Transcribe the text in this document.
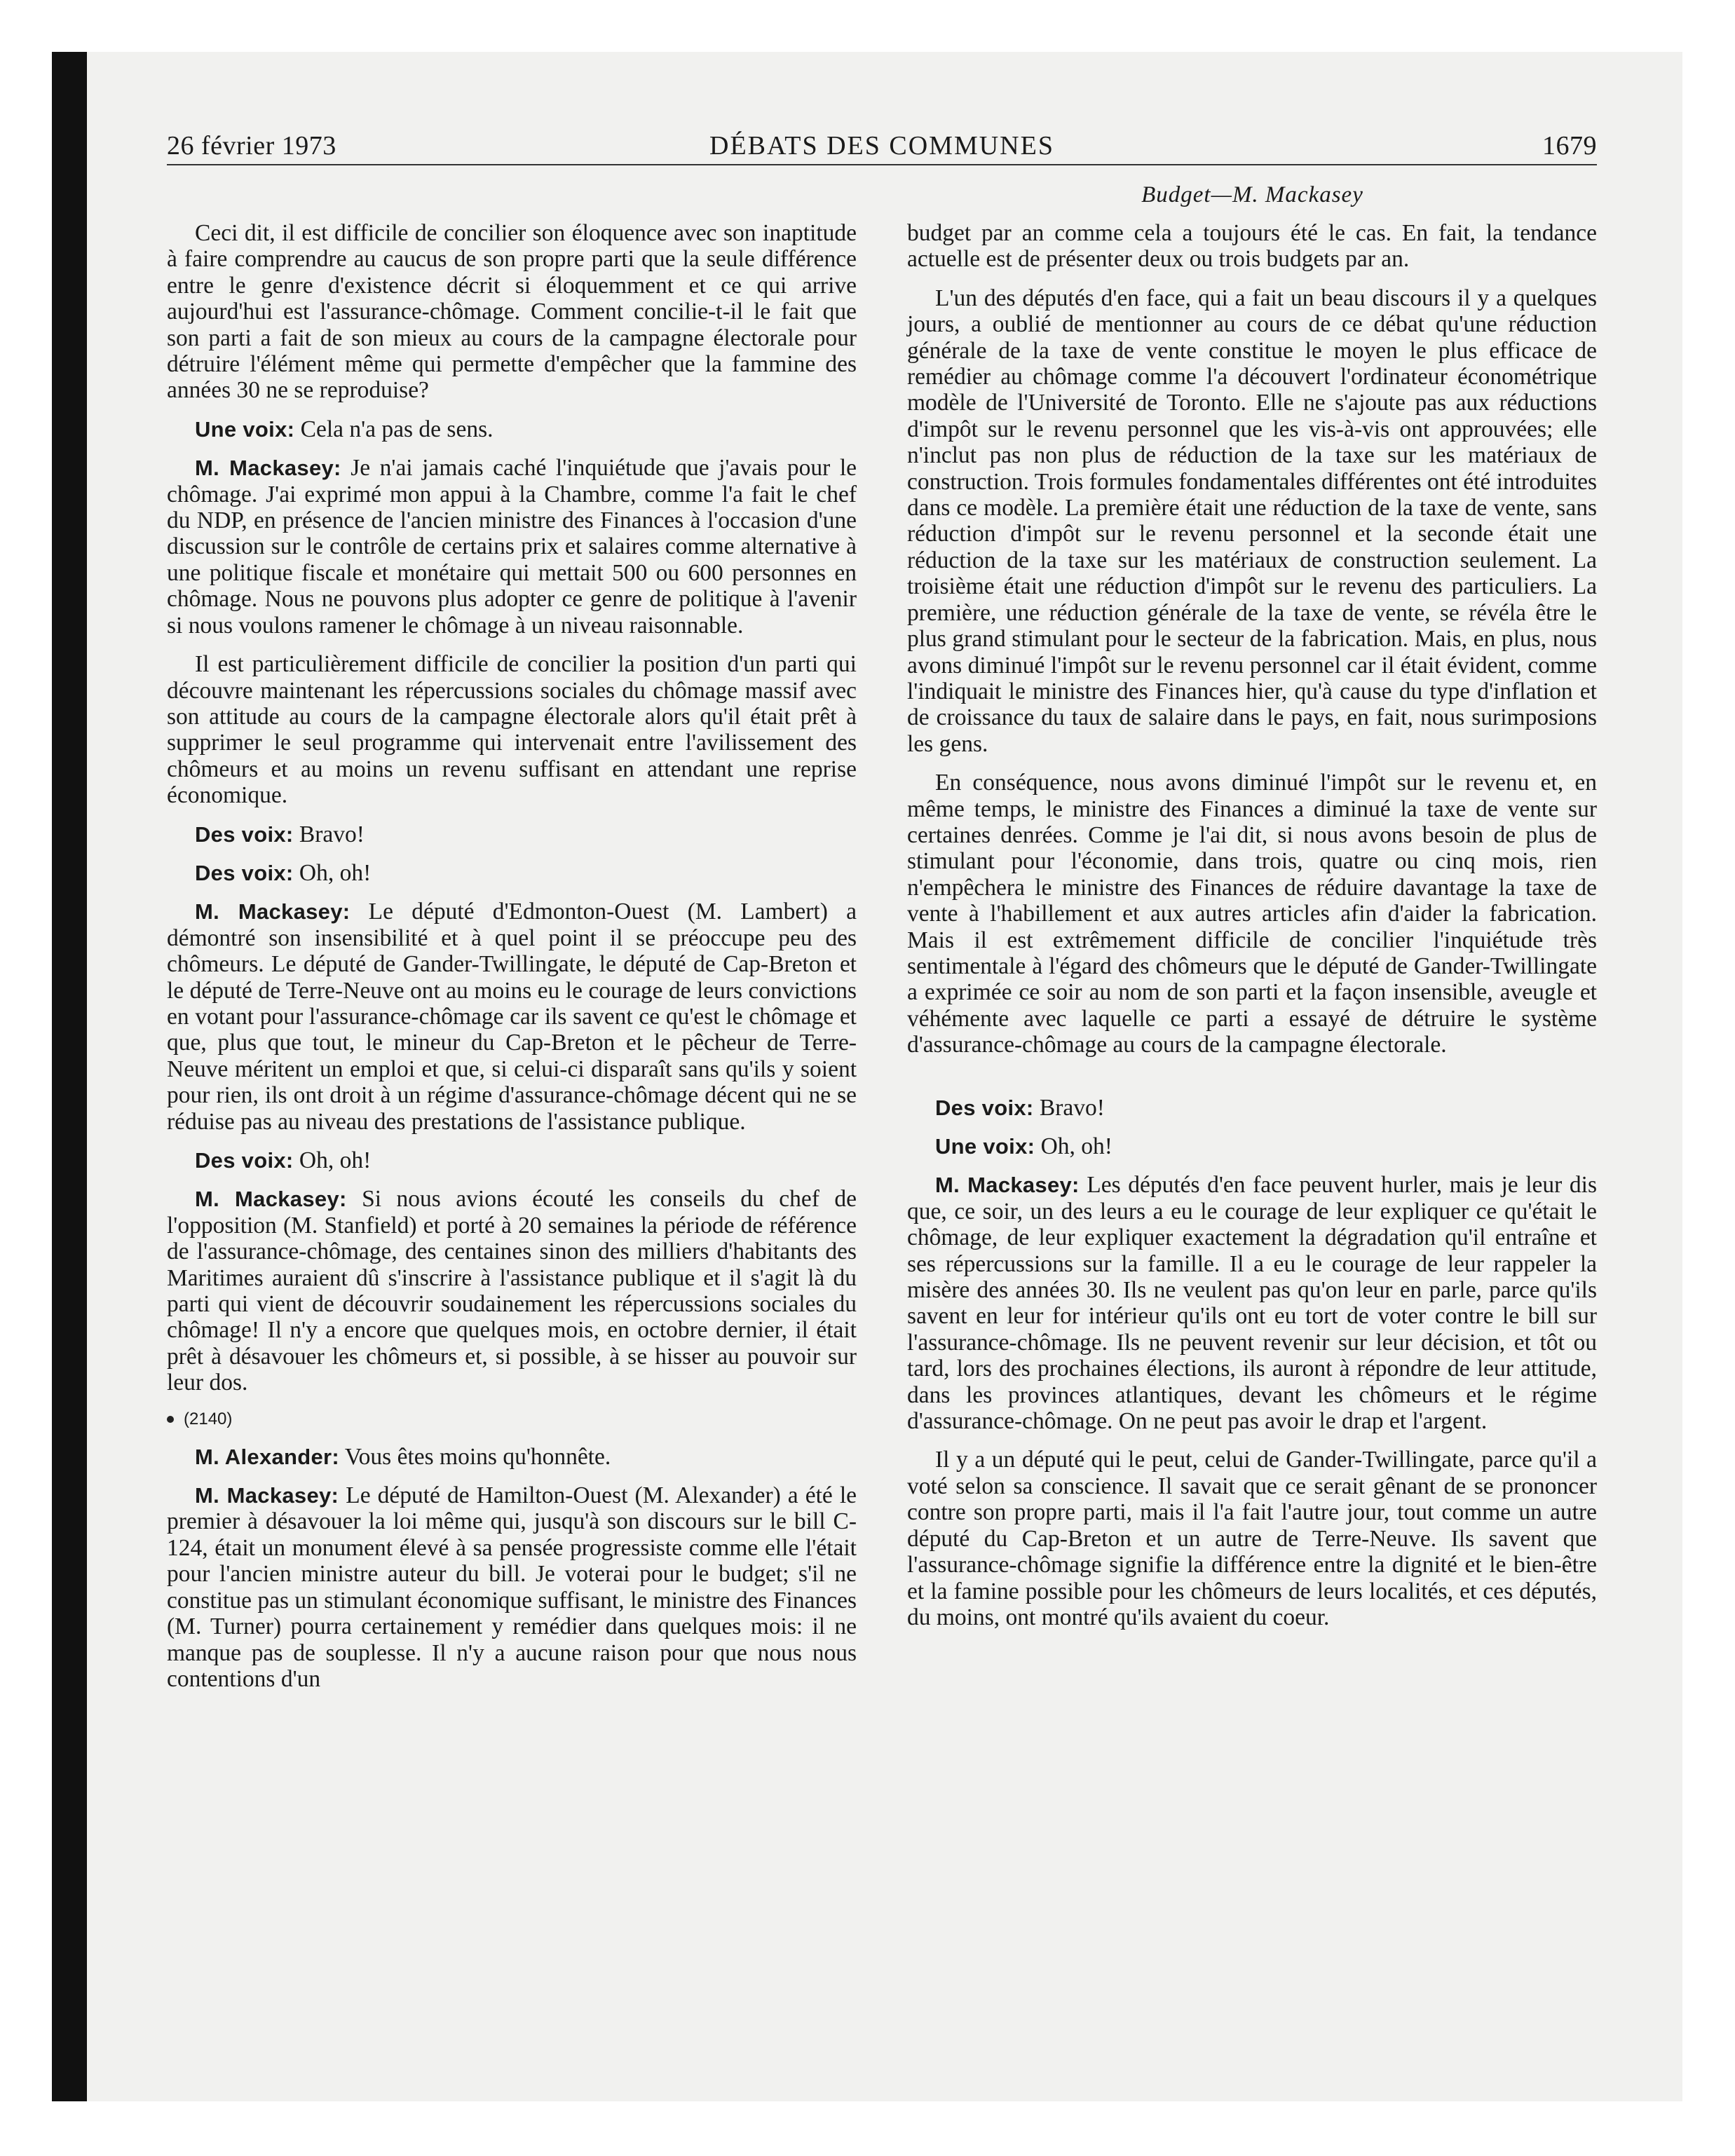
26 février 1973	DÉBATS DES COMMUNES	1679
Budget—M. Mackasey

Ceci dit, il est difficile de concilier son éloquence avec son inaptitude à faire comprendre au caucus de son propre parti que la seule différence entre le genre d'existence décrit si éloquemment et ce qui arrive aujourd'hui est l'assurance-chômage. Comment concilie-t-il le fait que son parti a fait de son mieux au cours de la campagne électorale pour détruire l'élément même qui permette d'empêcher que la fammine des années 30 ne se reproduise?

Une voix: Cela n'a pas de sens.

M. Mackasey: Je n'ai jamais caché l'inquiétude que j'avais pour le chômage. J'ai exprimé mon appui à la Chambre, comme l'a fait le chef du NDP, en présence de l'ancien ministre des Finances à l'occasion d'une discussion sur le contrôle de certains prix et salaires comme alternative à une politique fiscale et monétaire qui mettait 500 ou 600 personnes en chômage. Nous ne pouvons plus adopter ce genre de politique à l'avenir si nous voulons ramener le chômage à un niveau raisonnable.

Il est particulièrement difficile de concilier la position d'un parti qui découvre maintenant les répercussions sociales du chômage massif avec son attitude au cours de la campagne électorale alors qu'il était prêt à supprimer le seul programme qui intervenait entre l'avilissement des chômeurs et au moins un revenu suffisant en attendant une reprise économique.

Des voix: Bravo!

Des voix: Oh, oh!

M. Mackasey: Le député d'Edmonton-Ouest (M. Lambert) a démontré son insensibilité et à quel point il se préoccupe peu des chômeurs. Le député de Gander-Twillingate, le député de Cap-Breton et le député de Terre-Neuve ont au moins eu le courage de leurs convictions en votant pour l'assurance-chômage car ils savent ce qu'est le chômage et que, plus que tout, le mineur du Cap-Breton et le pêcheur de Terre-Neuve méritent un emploi et que, si celui-ci disparaît sans qu'ils y soient pour rien, ils ont droit à un régime d'assurance-chômage décent qui ne se réduise pas au niveau des prestations de l'assistance publique.

Des voix: Oh, oh!

M. Mackasey: Si nous avions écouté les conseils du chef de l'opposition (M. Stanfield) et porté à 20 semaines la période de référence de l'assurance-chômage, des centaines sinon des milliers d'habitants des Maritimes auraient dû s'inscrire à l'assistance publique et il s'agit là du parti qui vient de découvrir soudainement les répercussions sociales du chômage! Il n'y a encore que quelques mois, en octobre dernier, il était prêt à désavouer les chômeurs et, si possible, à se hisser au pouvoir sur leur dos.

(2140)

M. Alexander: Vous êtes moins qu'honnête.

M. Mackasey: Le député de Hamilton-Ouest (M. Alexander) a été le premier à désavouer la loi même qui, jusqu'à son discours sur le bill C-124, était un monument élevé à sa pensée progressiste comme elle l'était pour l'ancien ministre auteur du bill. Je voterai pour le budget; s'il ne constitue pas un stimulant économique suffisant, le ministre des Finances (M. Turner) pourra certainement y remédier dans quelques mois: il ne manque pas de souplesse. Il n'y a aucune raison pour que nous nous contentions d'un

budget par an comme cela a toujours été le cas. En fait, la tendance actuelle est de présenter deux ou trois budgets par an.

L'un des députés d'en face, qui a fait un beau discours il y a quelques jours, a oublié de mentionner au cours de ce débat qu'une réduction générale de la taxe de vente constitue le moyen le plus efficace de remédier au chômage comme l'a découvert l'ordinateur économétrique modèle de l'Université de Toronto. Elle ne s'ajoute pas aux réductions d'impôt sur le revenu personnel que les vis-à-vis ont approuvées; elle n'inclut pas non plus de réduction de la taxe sur les matériaux de construction. Trois formules fondamentales différentes ont été introduites dans ce modèle. La première était une réduction de la taxe de vente, sans réduction d'impôt sur le revenu personnel et la seconde était une réduction de la taxe sur les matériaux de construction seulement. La troisième était une réduction d'impôt sur le revenu des particuliers. La première, une réduction générale de la taxe de vente, se révéla être le plus grand stimulant pour le secteur de la fabrication. Mais, en plus, nous avons diminué l'impôt sur le revenu personnel car il était évident, comme l'indiquait le ministre des Finances hier, qu'à cause du type d'inflation et de croissance du taux de salaire dans le pays, en fait, nous surimposions les gens.

En conséquence, nous avons diminué l'impôt sur le revenu et, en même temps, le ministre des Finances a diminué la taxe de vente sur certaines denrées. Comme je l'ai dit, si nous avons besoin de plus de stimulant pour l'économie, dans trois, quatre ou cinq mois, rien n'empêchera le ministre des Finances de réduire davantage la taxe de vente à l'habillement et aux autres articles afin d'aider la fabrication. Mais il est extrêmement difficile de concilier l'inquiétude très sentimentale à l'égard des chômeurs que le député de Gander-Twillingate a exprimée ce soir au nom de son parti et la façon insensible, aveugle et véhémente avec laquelle ce parti a essayé de détruire le système d'assurance-chômage au cours de la campagne électorale.

Des voix: Bravo!

Une voix: Oh, oh!

M. Mackasey: Les députés d'en face peuvent hurler, mais je leur dis que, ce soir, un des leurs a eu le courage de leur expliquer ce qu'était le chômage, de leur expliquer exactement la dégradation qu'il entraîne et ses répercussions sur la famille. Il a eu le courage de leur rappeler la misère des années 30. Ils ne veulent pas qu'on leur en parle, parce qu'ils savent en leur for intérieur qu'ils ont eu tort de voter contre le bill sur l'assurance-chômage. Ils ne peuvent revenir sur leur décision, et tôt ou tard, lors des prochaines élections, ils auront à répondre de leur attitude, dans les provinces atlantiques, devant les chômeurs et le régime d'assurance-chômage. On ne peut pas avoir le drap et l'argent.

Il y a un député qui le peut, celui de Gander-Twillingate, parce qu'il a voté selon sa conscience. Il savait que ce serait gênant de se prononcer contre son propre parti, mais il l'a fait l'autre jour, tout comme un autre député du Cap-Breton et un autre de Terre-Neuve. Ils savent que l'assurance-chômage signifie la différence entre la dignité et le bien-être et la famine possible pour les chômeurs de leurs localités, et ces députés, du moins, ont montré qu'ils avaient du coeur.
